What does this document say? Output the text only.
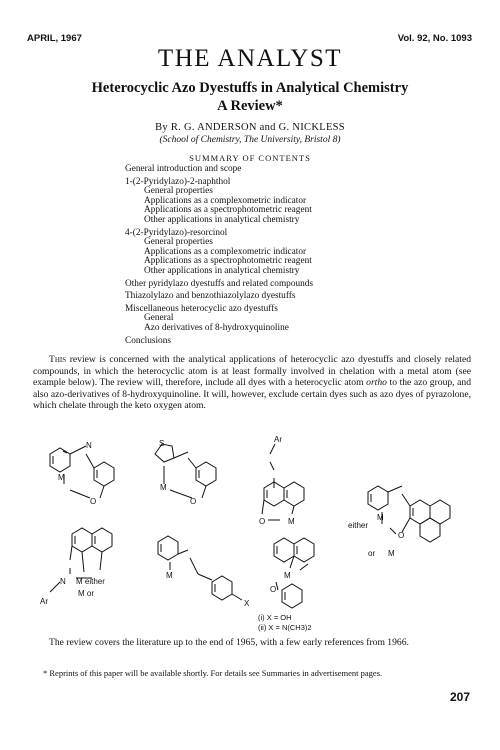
APRIL, 1967	Vol. 92, No. 1093
THE ANALYST
Heterocyclic Azo Dyestuffs in Analytical Chemistry
A Review*
By R. G. ANDERSON and G. NICKLESS
(School of Chemistry, The University, Bristol 8)
SUMMARY OF CONTENTS
General introduction and scope
1-(2-Pyridylazo)-2-naphthol
General properties
Applications as a complexometric indicator
Applications as a spectrophotometric reagent
Other applications in analytical chemistry
4-(2-Pyridylazo)-resorcinol
General properties
Applications as a complexometric indicator
Applications as a spectrophotometric reagent
Other applications in analytical chemistry
Other pyridylazo dyestuffs and related compounds
Thiazolylazo and benzothiazolylazo dyestuffs
Miscellaneous heterocyclic azo dyestuffs
General
Azo derivatives of 8-hydroxyquinoline
Conclusions
This review is concerned with the analytical applications of heterocyclic azo dyestuffs and closely related compounds, in which the heterocyclic atom is at least formally involved in chelation with a metal atom (see example below). The review will, therefore, include all dyes with a heterocyclic atom ortho to the azo group, and also azo-derivatives of 8-hydroxyquinoline. It will, however, exclude certain dyes such as azo dyes of pyrazolone, which chelate through the keto oxygen atom.
M
N
O
S
M
O
Ar
O	M	either
M
or M
O
M either
N
M or
Ar
M
X
M
O
(i) X = OH
(ii) X = N(CH3)2
The review covers the literature up to the end of 1965, with a few early references from 1966.
* Reprints of this paper will be available shortly. For details see Summaries in advertisement pages.
207
